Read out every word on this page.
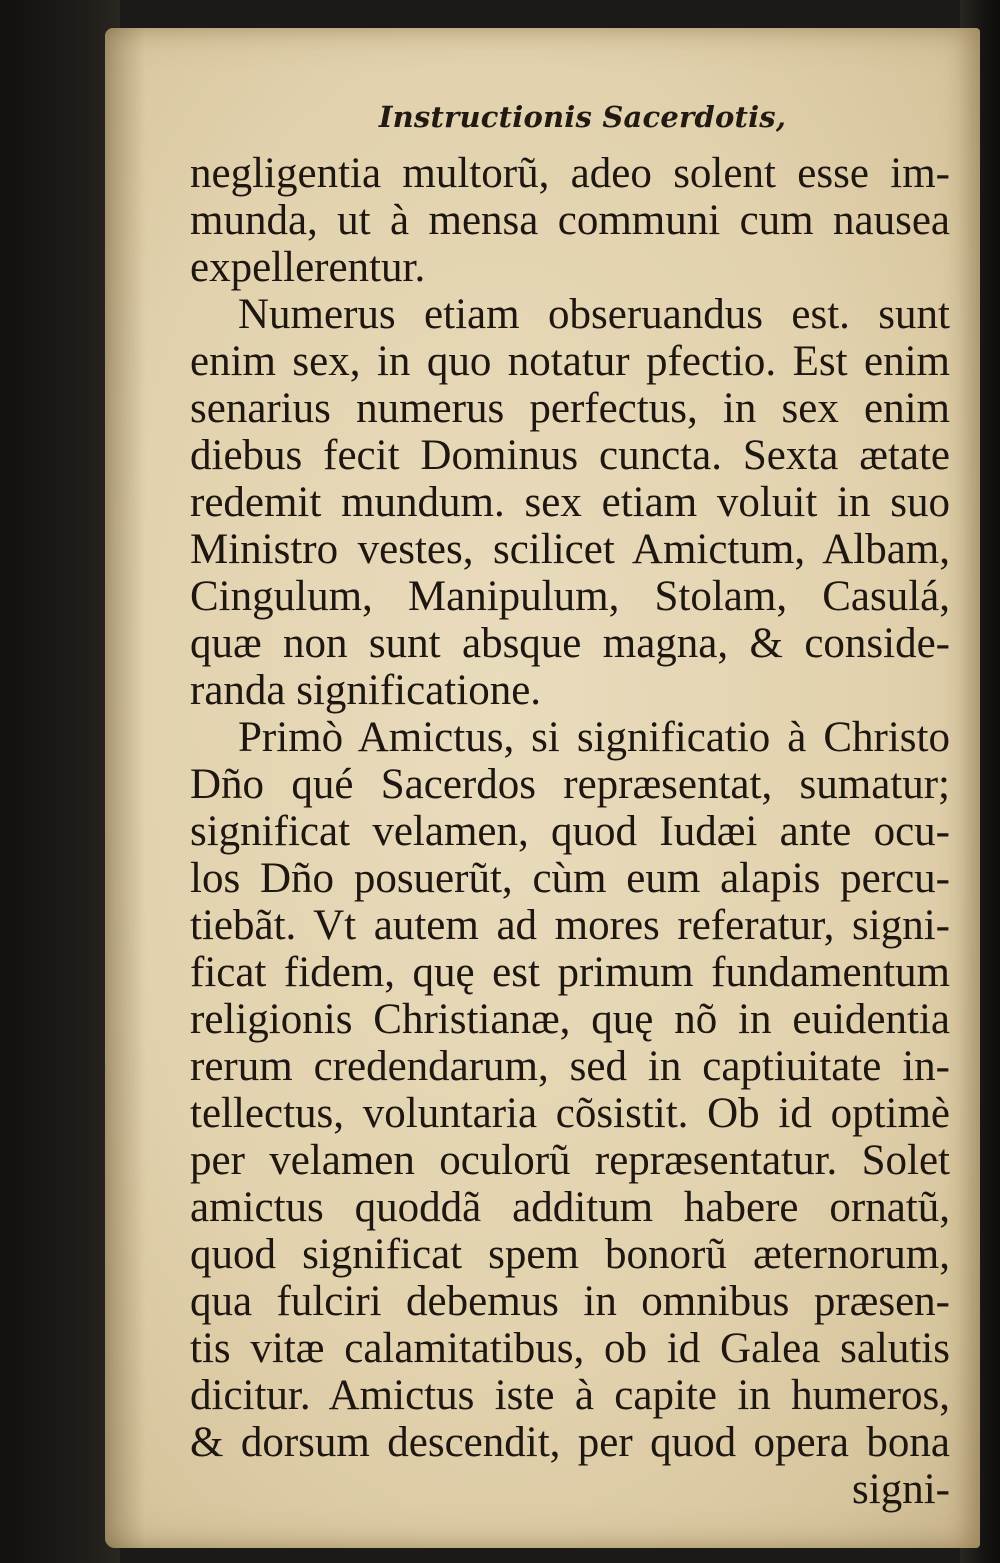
Instructionis Sacerdotis,
negligentia multorũ, adeo solent esse im-
munda, ut à mensa communi cum nausea
expellerentur.
Numerus etiam obseruandus est. sunt
enim sex, in quo notatur pfectio. Est enim
senarius numerus perfectus, in sex enim
diebus fecit Dominus cuncta. Sexta ætate
redemit mundum. sex etiam voluit in suo
Ministro vestes, scilicet Amictum, Albam,
Cingulum, Manipulum, Stolam, Casulá,
quæ non sunt absque magna, & conside-
randa significatione.
Primò Amictus, si significatio à Christo
Dño qué Sacerdos repræsentat, sumatur;
significat velamen, quod Iudæi ante ocu-
los Dño posuerũt, cùm eum alapis percu-
tiebãt. Vt autem ad mores referatur, signi-
ficat fidem, quę est primum fundamentum
religionis Christianæ, quę nõ in euidentia
rerum credendarum, sed in captiuitate in-
tellectus, voluntaria cõsistit. Ob id optimè
per velamen oculorũ repræsentatur. Solet
amictus quoddã additum habere ornatũ,
quod significat spem bonorũ æternorum,
qua fulciri debemus in omnibus præsen-
tis vitæ calamitatibus, ob id Galea salutis
dicitur. Amictus iste à capite in humeros,
& dorsum descendit, per quod opera bona
signi-
